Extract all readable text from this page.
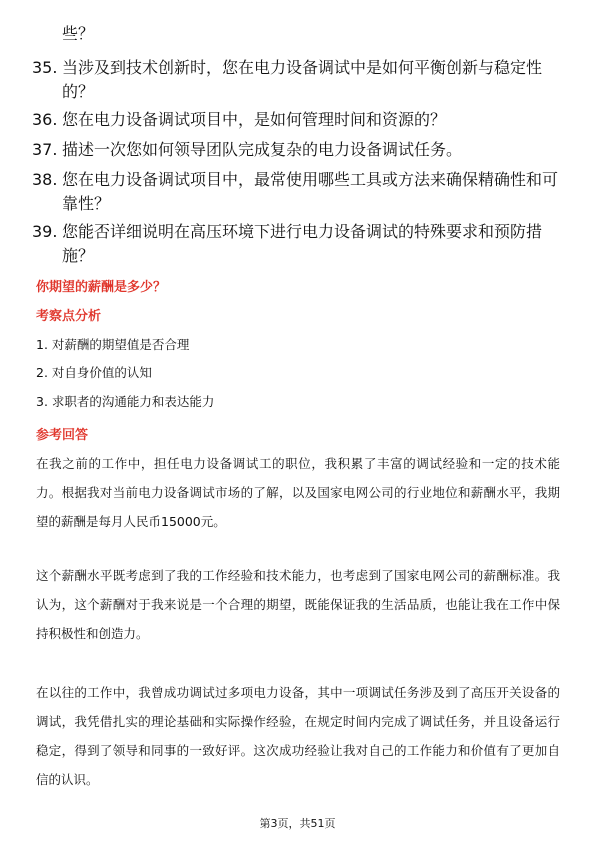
些？
35. 当涉及到技术创新时，您在电力设备调试中是如何平衡创新与稳定性的？
36. 您在电力设备调试项目中，是如何管理时间和资源的？
37. 描述一次您如何领导团队完成复杂的电力设备调试任务。
38. 您在电力设备调试项目中，最常使用哪些工具或方法来确保精确性和可靠性？
39. 您能否详细说明在高压环境下进行电力设备调试的特殊要求和预防措施？
你期望的薪酬是多少？
考察点分析
1. 对薪酬的期望值是否合理
2. 对自身价值的认知
3. 求职者的沟通能力和表达能力
参考回答
在我之前的工作中，担任电力设备调试工的职位，我积累了丰富的调试经验和一定的技术能力。根据我对当前电力设备调试市场的了解，以及国家电网公司的行业地位和薪酬水平，我期望的薪酬是每月人民币15000元。
这个薪酬水平既考虑到了我的工作经验和技术能力，也考虑到了国家电网公司的薪酬标准。我认为，这个薪酬对于我来说是一个合理的期望，既能保证我的生活品质，也能让我在工作中保持积极性和创造力。
在以往的工作中，我曾成功调试过多项电力设备，其中一项调试任务涉及到了高压开关设备的调试，我凭借扎实的理论基础和实际操作经验，在规定时间内完成了调试任务，并且设备运行稳定，得到了领导和同事的一致好评。这次成功经验让我对自己的工作能力和价值有了更加自信的认识。
第3页，共51页
